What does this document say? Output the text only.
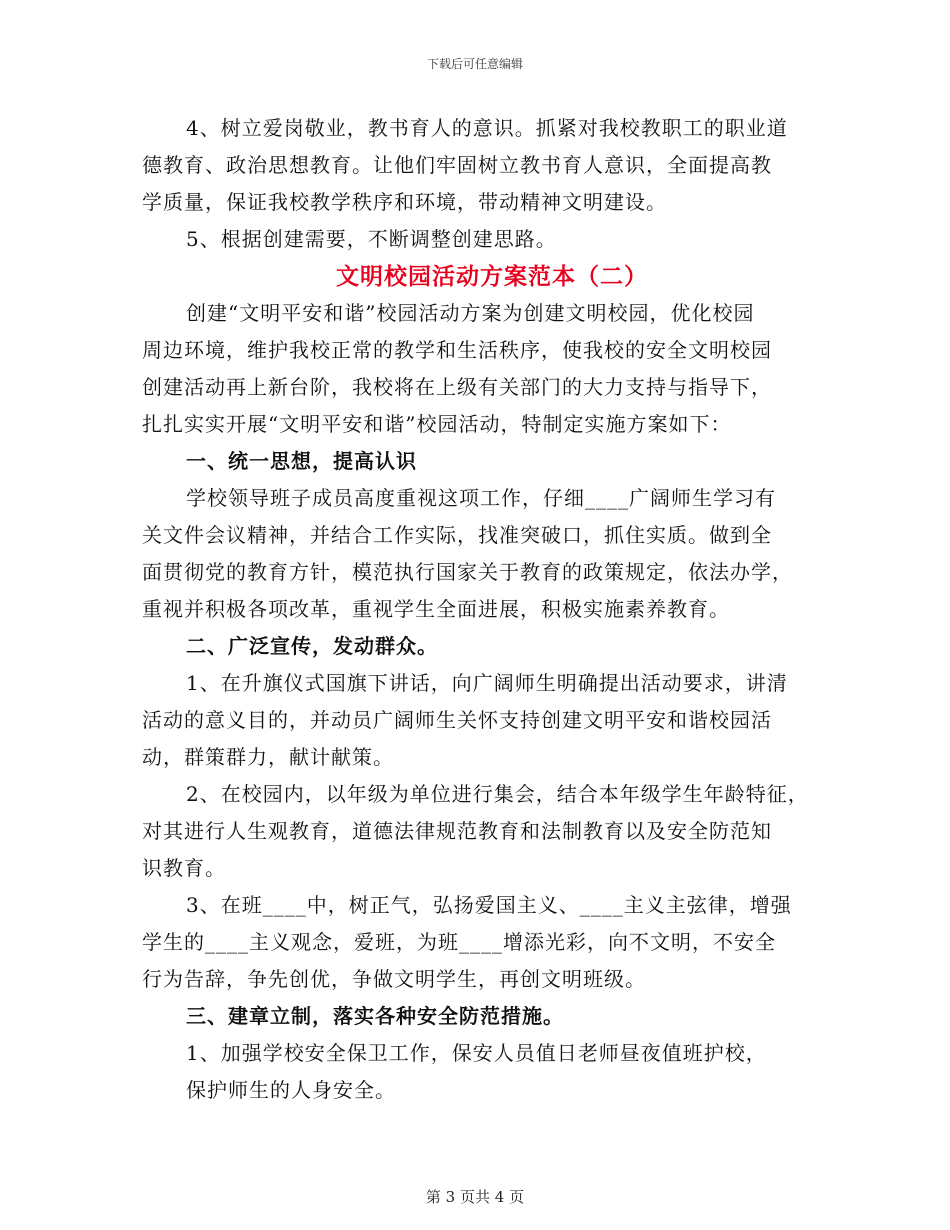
下载后可任意编辑
4、树立爱岗敬业，教书育人的意识。抓紧对我校教职工的职业道
德教育、政治思想教育。让他们牢固树立教书育人意识，全面提高教
学质量，保证我校教学秩序和环境，带动精神文明建设。
5、根据创建需要，不断调整创建思路。
文明校园活动方案范本（二）
创建“文明平安和谐”校园活动方案为创建文明校园，优化校园
周边环境，维护我校正常的教学和生活秩序，使我校的安全文明校园
创建活动再上新台阶，我校将在上级有关部门的大力支持与指导下，
扎扎实实开展“文明平安和谐”校园活动，特制定实施方案如下：
一、统一思想，提高认识
学校领导班子成员高度重视这项工作，仔细____广阔师生学习有
关文件会议精神，并结合工作实际，找准突破口，抓住实质。做到全
面贯彻党的教育方针，模范执行国家关于教育的政策规定，依法办学，
重视并积极各项改革，重视学生全面进展，积极实施素养教育。
二、广泛宣传，发动群众。
1、在升旗仪式国旗下讲话，向广阔师生明确提出活动要求，讲清
活动的意义目的，并动员广阔师生关怀支持创建文明平安和谐校园活
动，群策群力，献计献策。
2、在校园内，以年级为单位进行集会，结合本年级学生年龄特征，
对其进行人生观教育，道德法律规范教育和法制教育以及安全防范知
识教育。
3、在班____中，树正气，弘扬爱国主义、____主义主弦律，增强
学生的____主义观念，爱班，为班____增添光彩，向不文明，不安全
行为告辞，争先创优，争做文明学生，再创文明班级。
三、建章立制，落实各种安全防范措施。
1、加强学校安全保卫工作，保安人员值日老师昼夜值班护校，
保护师生的人身安全。
第 3 页共 4 页
